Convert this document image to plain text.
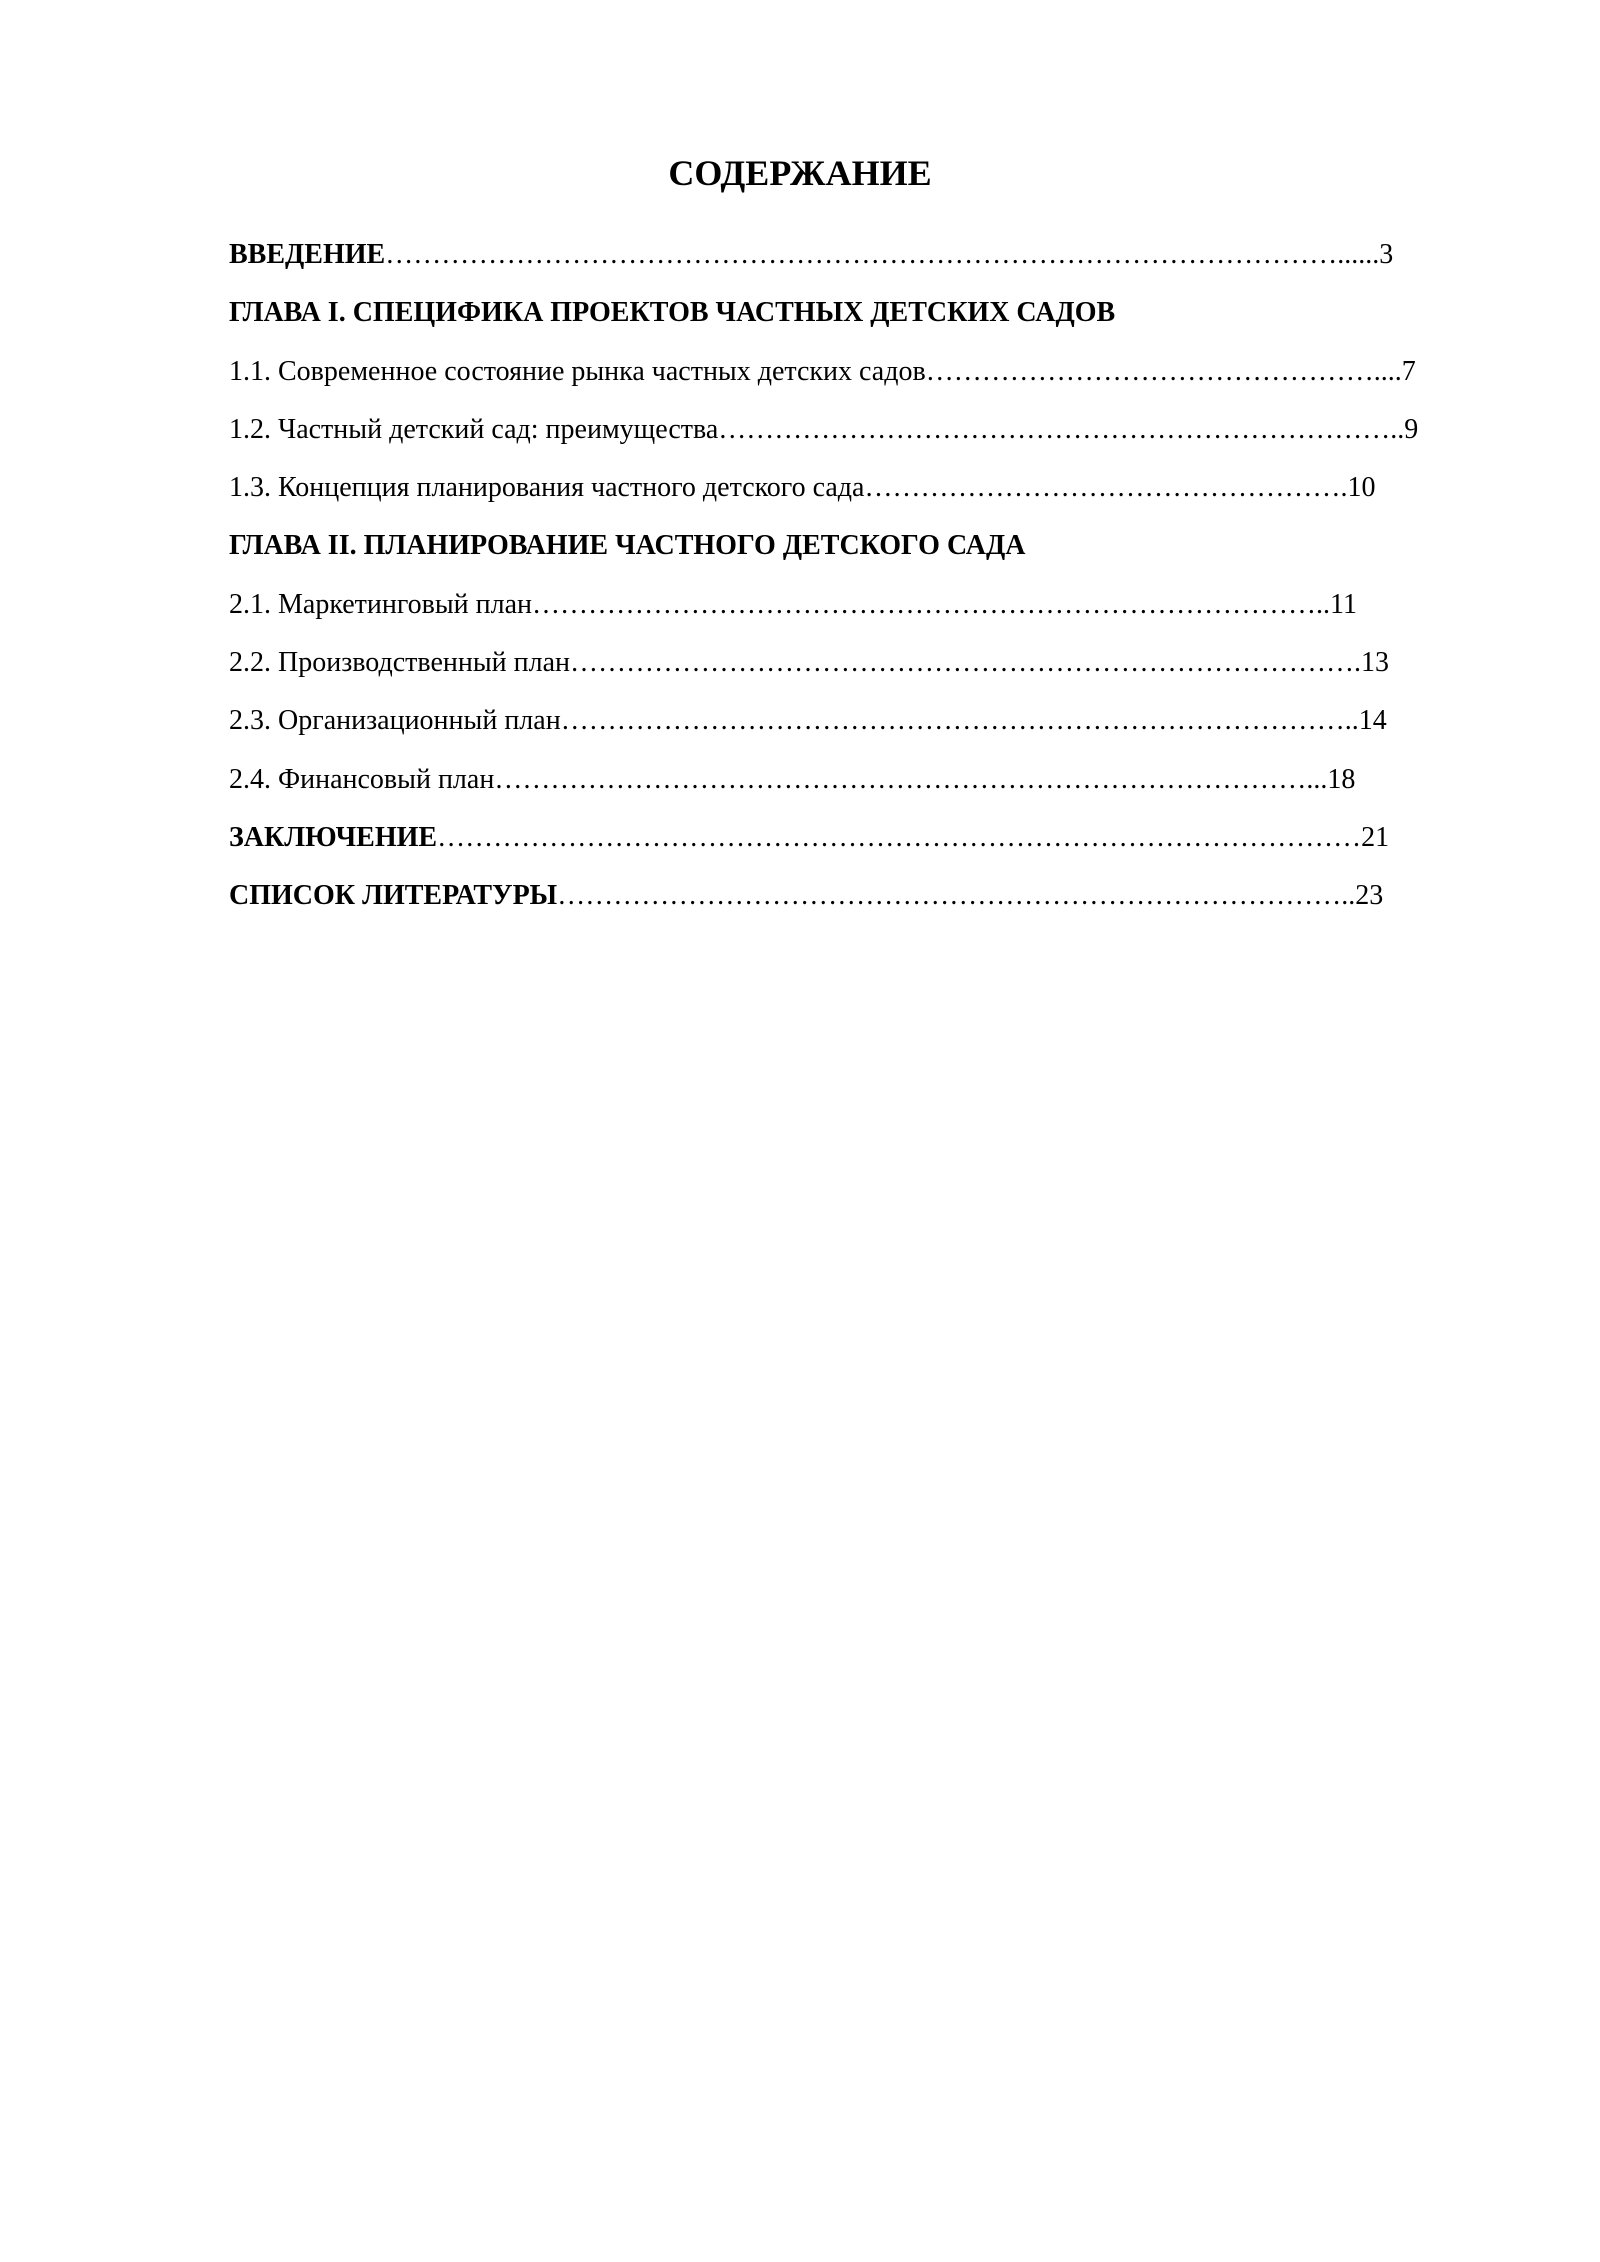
СОДЕРЖАНИЕ
ВВЕДЕНИЕ…………………………………………………………………………………………......3
ГЛАВА I. СПЕЦИФИКА ПРОЕКТОВ ЧАСТНЫХ ДЕТСКИХ САДОВ
1.1. Современное состояние рынка частных детских садов…………………………………………....7
1.2. Частный детский сад: преимущества………………………………………………………………..9
1.3. Концепция планирования частного детского сада…………………………………………….10
ГЛАВА II. ПЛАНИРОВАНИЕ ЧАСТНОГО ДЕТСКОГО САДА
2.1. Маркетинговый план…………………………………………………………………………..11
2.2. Производственный план………………………………………………………………………….13
2.3. Организационный план…………………………………………………………………………..14
2.4. Финансовый план……………………………………………………………………………...18
ЗАКЛЮЧЕНИЕ………………………………………………………………………………………21
СПИСОК ЛИТЕРАТУРЫ…………………………………………………………………………..23
